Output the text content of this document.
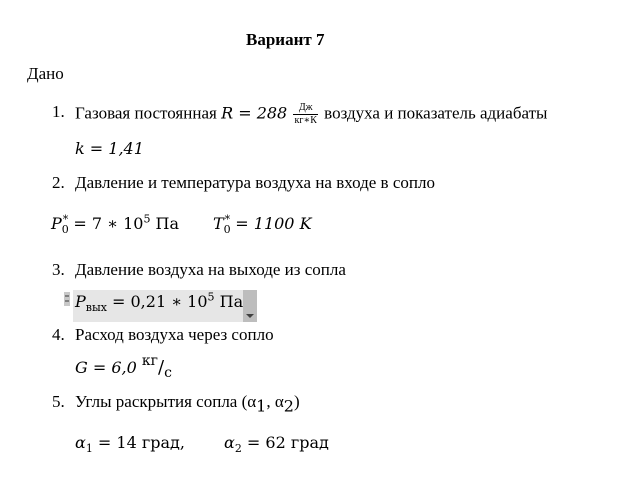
Вариант 7
Дано
1. Газовая постоянная $R = 288 \frac{Дж}{кг∗К}$ воздуха и показатель адиабаты
k = 1,41
2. Давление и температура воздуха на входе в сопло
$P_0^* = 7$ ∗ $10^5$ Па $T_0^* = 1100$ K
3. Давление воздуха на выходе из сопла
$P_{вых} = 0,21$ ∗ $10^5$ Па
4. Расход воздуха через сопло
G = 6,0 $^{кг}/_с$
5. Углы раскрытия сопла ($\alpha_1$, $\alpha_2$)
$\alpha_1 = 14$ град, $\alpha_2 = 62$ град
